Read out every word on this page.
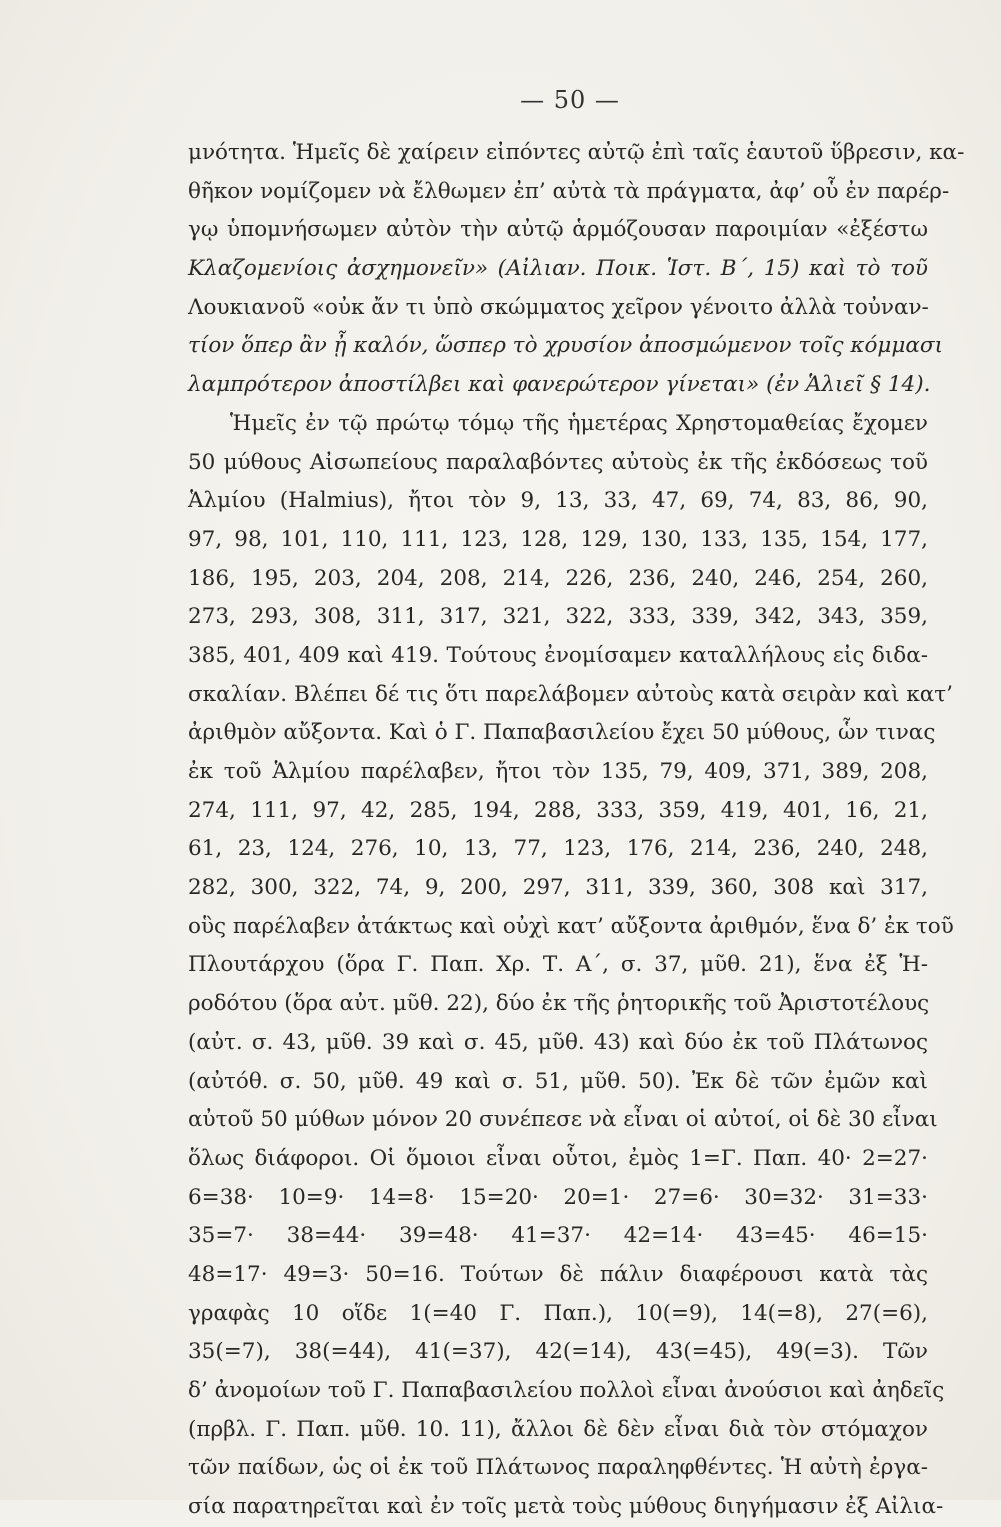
— 50 —
μνότητα. Ἡμεῖς δὲ χαίρειν εἰπόντες αὐτῷ ἐπὶ ταῖς ἑαυτοῦ ὕβρεσιν, κα-
θῆκον νομίζομεν νὰ ἔλθωμεν ἐπ’ αὐτὰ τὰ πράγματα, ἀφ’ οὗ ἐν παρέρ-
γῳ ὑπομνήσωμεν αὐτὸν τὴν αὐτῷ ἁρμόζουσαν παροιμίαν «ἐξέστω
Κλαζομενίοις ἀσχημονεῖν» (Αἰλιαν. Ποικ. Ἱστ. Β΄, 15) καὶ τὸ τοῦ
Λουκιανοῦ «οὐκ ἄν τι ὑπὸ σκώμματος χεῖρον γένοιτο ἀλλὰ τοὐναν-
τίον ὅπερ ἂν ᾖ καλόν, ὥσπερ τὸ χρυσίον ἀποσμώμενον τοῖς κόμμασι
λαμπρότερον ἀποστίλβει καὶ φανερώτερον γίνεται» (ἐν Ἁλιεῖ § 14).
Ἡμεῖς ἐν τῷ πρώτῳ τόμῳ τῆς ἡμετέρας Χρηστομαθείας ἔχομεν
50 μύθους Αἰσωπείους παραλαβόντες αὐτοὺς ἐκ τῆς ἐκδόσεως τοῦ
Ἁλμίου (Halmius), ἤτοι τὸν 9, 13, 33, 47, 69, 74, 83, 86, 90,
97, 98, 101, 110, 111, 123, 128, 129, 130, 133, 135, 154, 177,
186, 195, 203, 204, 208, 214, 226, 236, 240, 246, 254, 260,
273, 293, 308, 311, 317, 321, 322, 333, 339, 342, 343, 359,
385, 401, 409 καὶ 419. Τούτους ἐνομίσαμεν καταλλήλους εἰς διδα-
σκαλίαν. Βλέπει δέ τις ὅτι παρελάβομεν αὐτοὺς κατὰ σειρὰν καὶ κατ’
ἀριθμὸν αὔξοντα. Καὶ ὁ Γ. Παπαβασιλείου ἔχει 50 μύθους, ὧν τινας
ἐκ τοῦ Ἁλμίου παρέλαβεν, ἤτοι τὸν 135, 79, 409, 371, 389, 208,
274, 111, 97, 42, 285, 194, 288, 333, 359, 419, 401, 16, 21,
61, 23, 124, 276, 10, 13, 77, 123, 176, 214, 236, 240, 248,
282, 300, 322, 74, 9, 200, 297, 311, 339, 360, 308 καὶ 317,
οὓς παρέλαβεν ἀτάκτως καὶ οὐχὶ κατ’ αὔξοντα ἀριθμόν, ἕνα δ’ ἐκ τοῦ
Πλουτάρχου (ὅρα Γ. Παπ. Χρ. Τ. Α΄, σ. 37, μῦθ. 21), ἕνα ἐξ Ἡ-
ροδότου (ὅρα αὐτ. μῦθ. 22), δύο ἐκ τῆς ῥητορικῆς τοῦ Ἀριστοτέλους
(αὐτ. σ. 43, μῦθ. 39 καὶ σ. 45, μῦθ. 43) καὶ δύο ἐκ τοῦ Πλάτωνος
(αὐτόθ. σ. 50, μῦθ. 49 καὶ σ. 51, μῦθ. 50). Ἐκ δὲ τῶν ἐμῶν καὶ
αὐτοῦ 50 μύθων μόνον 20 συνέπεσε νὰ εἶναι οἱ αὐτοί, οἱ δὲ 30 εἶναι
ὅλως διάφοροι. Οἱ ὅμοιοι εἶναι οὗτοι, ἐμὸς 1=Γ. Παπ. 40· 2=27·
6=38· 10=9· 14=8· 15=20· 20=1· 27=6· 30=32· 31=33·
35=7· 38=44· 39=48· 41=37· 42=14· 43=45· 46=15·
48=17· 49=3· 50=16. Τούτων δὲ πάλιν διαφέρουσι κατὰ τὰς
γραφὰς 10 οἵδε 1(=40 Γ. Παπ.), 10(=9), 14(=8), 27(=6),
35(=7), 38(=44), 41(=37), 42(=14), 43(=45), 49(=3). Τῶν
δ’ ἀνομοίων τοῦ Γ. Παπαβασιλείου πολλοὶ εἶναι ἀνούσιοι καὶ ἀηδεῖς
(πρβλ. Γ. Παπ. μῦθ. 10. 11), ἄλλοι δὲ δὲν εἶναι διὰ τὸν στόμαχον
τῶν παίδων, ὡς οἱ ἐκ τοῦ Πλάτωνος παραληφθέντες. Ἡ αὐτὴ ἐργα-
σία παρατηρεῖται καὶ ἐν τοῖς μετὰ τοὺς μύθους διηγήμασιν ἐξ Αἰλια-
